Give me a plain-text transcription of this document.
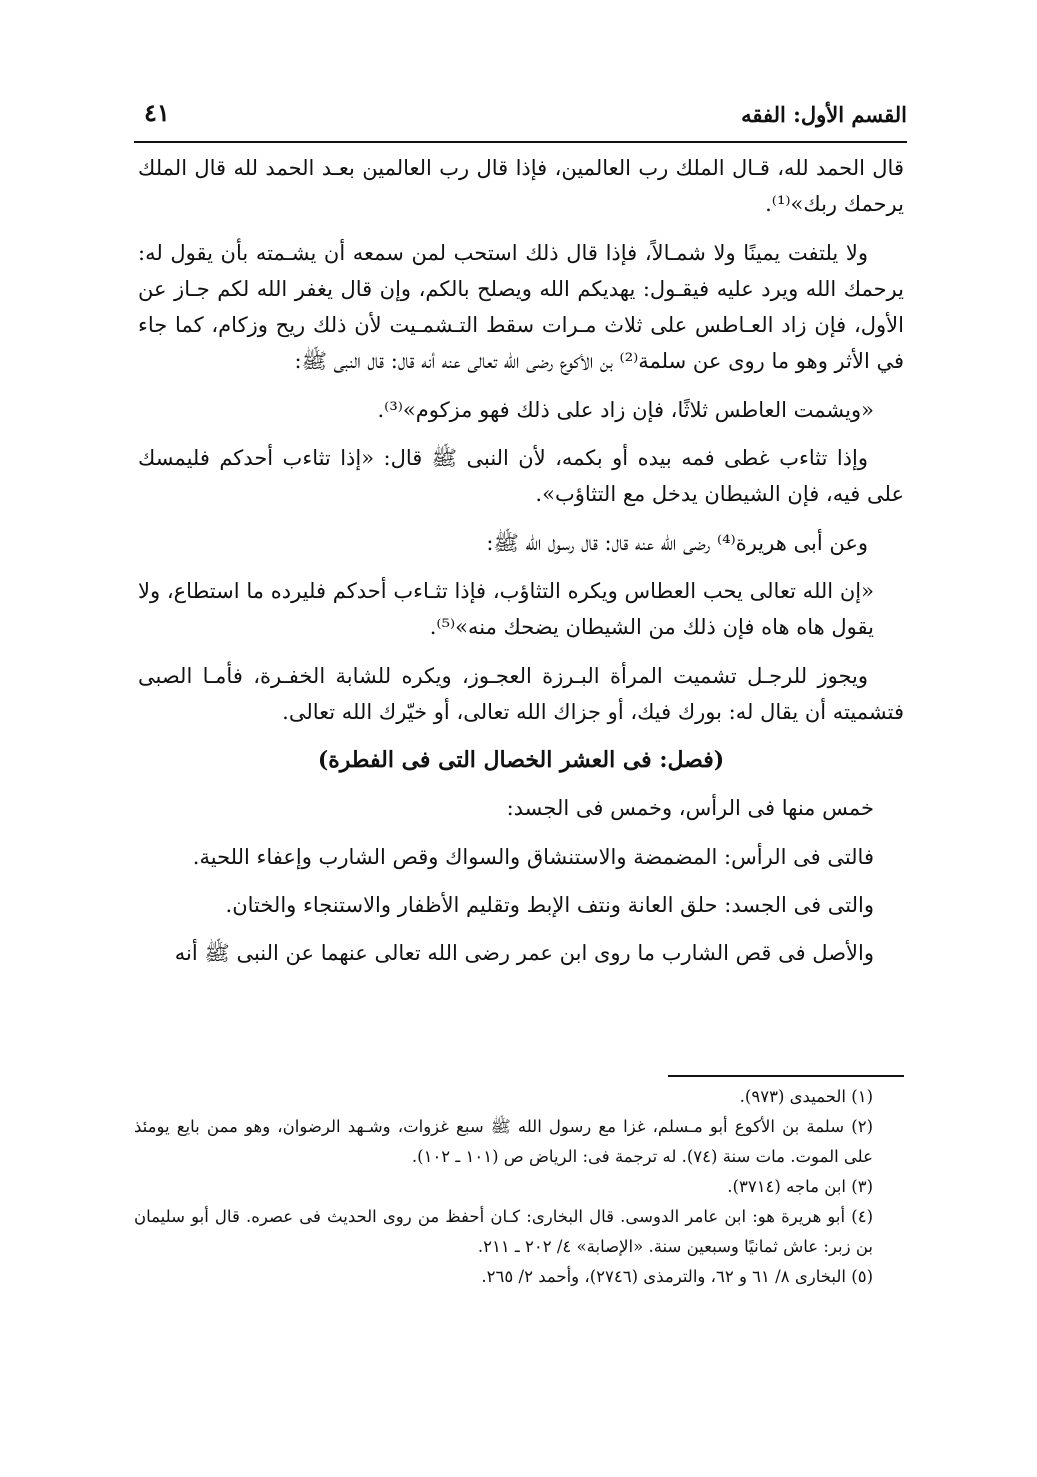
القسم الأول: الفقه
٤١

قال الحمد لله، قـال الملك رب العالمين، فإذا قال رب العالمين بعـد الحمد لله قال الملك يرحمك ربك»⁽¹⁾.

ولا يلتفت يمينًا ولا شمـالاً، فإذا قال ذلك استحب لمن سمعه أن يشـمته بأن يقول له: يرحمك الله ويرد عليه فيقـول: يهديكم الله ويصلح بالكم، وإن قال يغفر الله لكم جـاز عن الأول، فإن زاد العـاطس على ثلاث مـرات سقط التـشمـيت لأن ذلك ريح وزكام، كما جاء في الأثر وهو ما روى عن سلمة⁽²⁾ بن الأكوع رضى الله تعالى عنه أنه قال: قال النبى ﷺ:

«ويشمت العاطس ثلاثًا، فإن زاد على ذلك فهو مزكوم»⁽³⁾.

وإذا تثاءب غطى فمه بيده أو بكمه، لأن النبى ﷺ قال: «إذا تثاءب أحدكم فليمسك على فيه، فإن الشيطان يدخل مع التثاؤب».

وعن أبى هريرة⁽⁴⁾ رضى الله عنه قال: قال رسول الله ﷺ:

«إن الله تعالى يحب العطاس ويكره التثاؤب، فإذا تثـاءب أحدكم فليرده ما استطاع، ولا يقول هاه هاه فإن ذلك من الشيطان يضحك منه»⁽⁵⁾.

ويجوز للرجـل تشميت المرأة البـرزة العجـوز، ويكره للشابة الخفـرة، فأمـا الصبى فتشميته أن يقال له: بورك فيك، أو جزاك الله تعالى، أو خيّرك الله تعالى.

(فصل: فى العشر الخصال التى فى الفطرة)

خمس منها فى الرأس، وخمس فى الجسد:

فالتى فى الرأس: المضمضة والاستنشاق والسواك وقص الشارب وإعفاء اللحية.

والتى فى الجسد: حلق العانة ونتف الإبط وتقليم الأظفار والاستنجاء والختان.

والأصل فى قص الشارب ما روى ابن عمر رضى الله تعالى عنهما عن النبى ﷺ أنه

(١) الحميدى (٩٧٣).

(٢) سلمة بن الأكوع أبو مـسلم، غزا مع رسول الله ﷺ سبع غزوات، وشـهد الرضوان، وهو ممن بايع يومئذ على الموت. مات سنة (٧٤). له ترجمة فى: الرياض ص (١٠١ ـ ١٠٢).

(٣) ابن ماجه (٣٧١٤).

(٤) أبو هريرة هو: ابن عامر الدوسى. قال البخارى: كـان أحفظ من روى الحديث فى عصره. قال أبو سليمان بن زبر: عاش ثمانيًا وسبعين سنة. «الإصابة» ٤/ ٢٠٢ ـ ٢١١.

(٥) البخارى ٨/ ٦١ و ٦٢، والترمذى (٢٧٤٦)، وأحمد ٢/ ٢٦٥.
